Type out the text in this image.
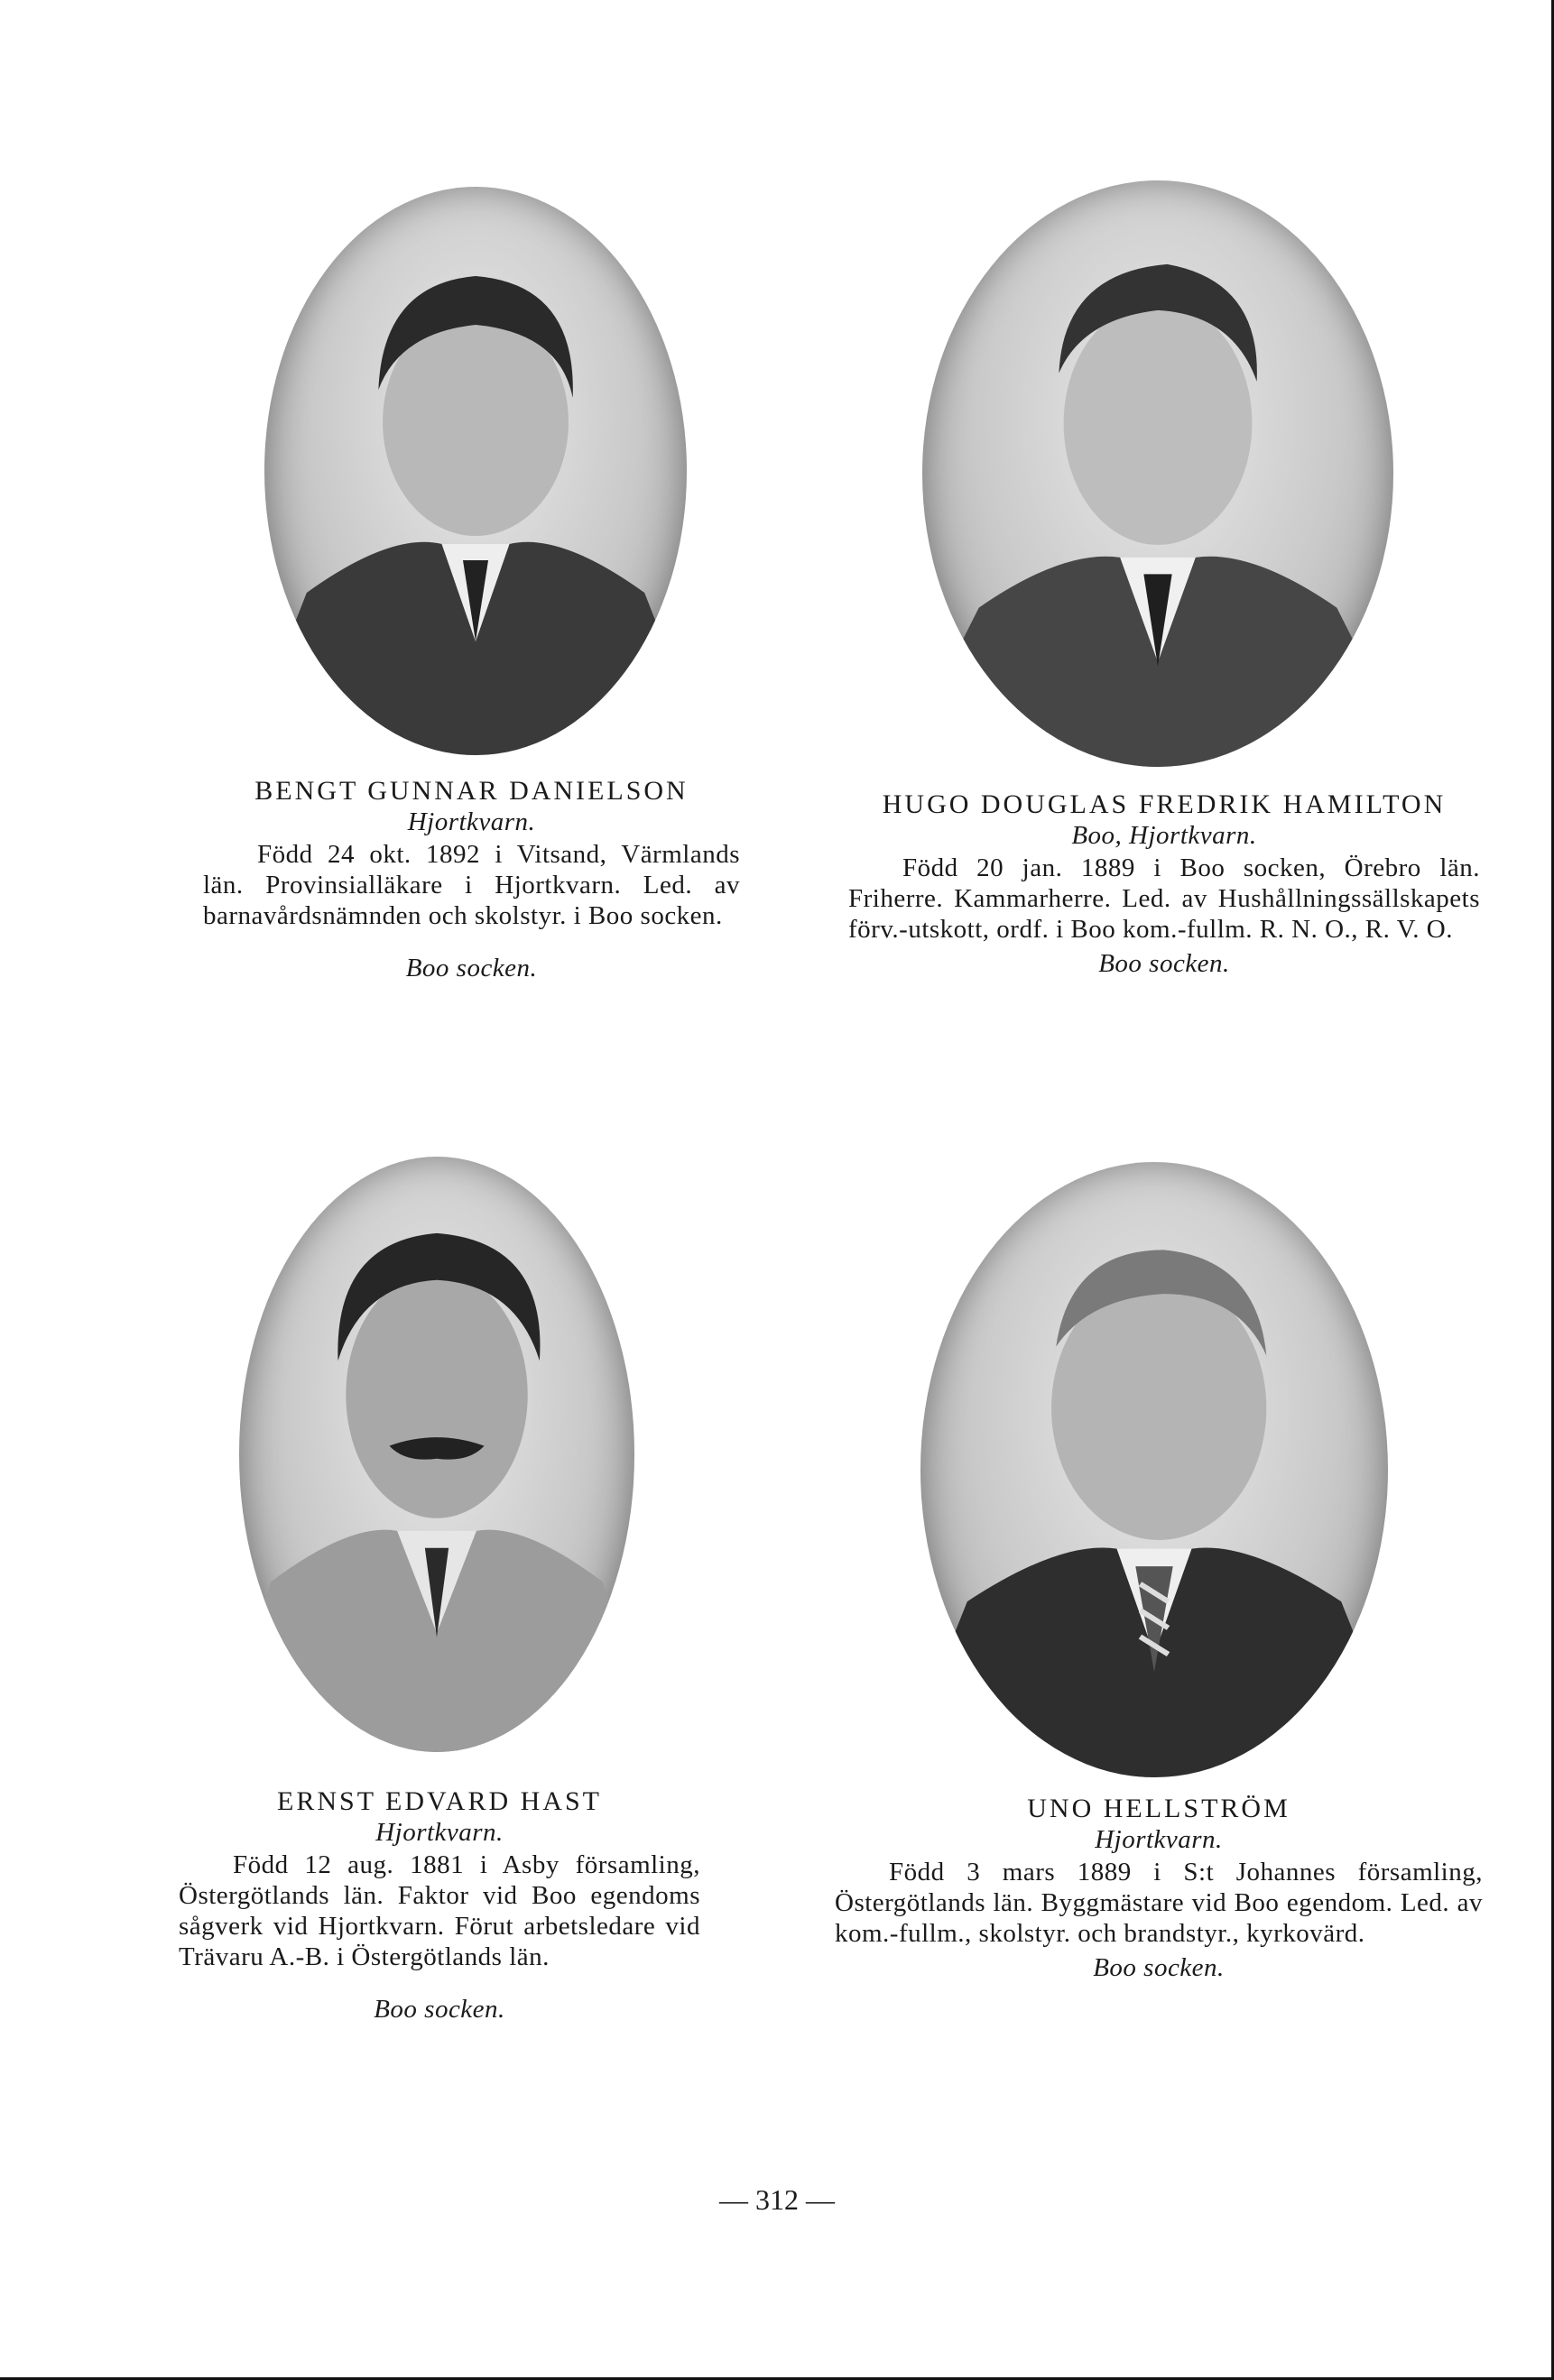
BENGT GUNNAR DANIELSON
Hjortkvarn.
Född 24 okt. 1892 i Vitsand, Värmlands län. Provinsialläkare i Hjortkvarn. Led. av barnavårdsnämnden och skolstyr. i Boo socken.
Boo socken.
HUGO DOUGLAS FREDRIK HAMILTON
Boo, Hjortkvarn.
Född 20 jan. 1889 i Boo socken, Örebro län. Friherre. Kammarherre. Led. av Hushållningssällskapets förv.-utskott, ordf. i Boo kom.-fullm. R. N. O., R. V. O.
Boo socken.
ERNST EDVARD HAST
Hjortkvarn.
Född 12 aug. 1881 i Asby församling, Östergötlands län. Faktor vid Boo egendoms sågverk vid Hjortkvarn. Förut arbetsledare vid Trävaru A.-B. i Östergötlands län.
Boo socken.
UNO HELLSTRÖM
Hjortkvarn.
Född 3 mars 1889 i S:t Johannes församling, Östergötlands län. Byggmästare vid Boo egendom. Led. av kom.-fullm., skolstyr. och brandstyr., kyrkovärd.
Boo socken.
— 312 —
